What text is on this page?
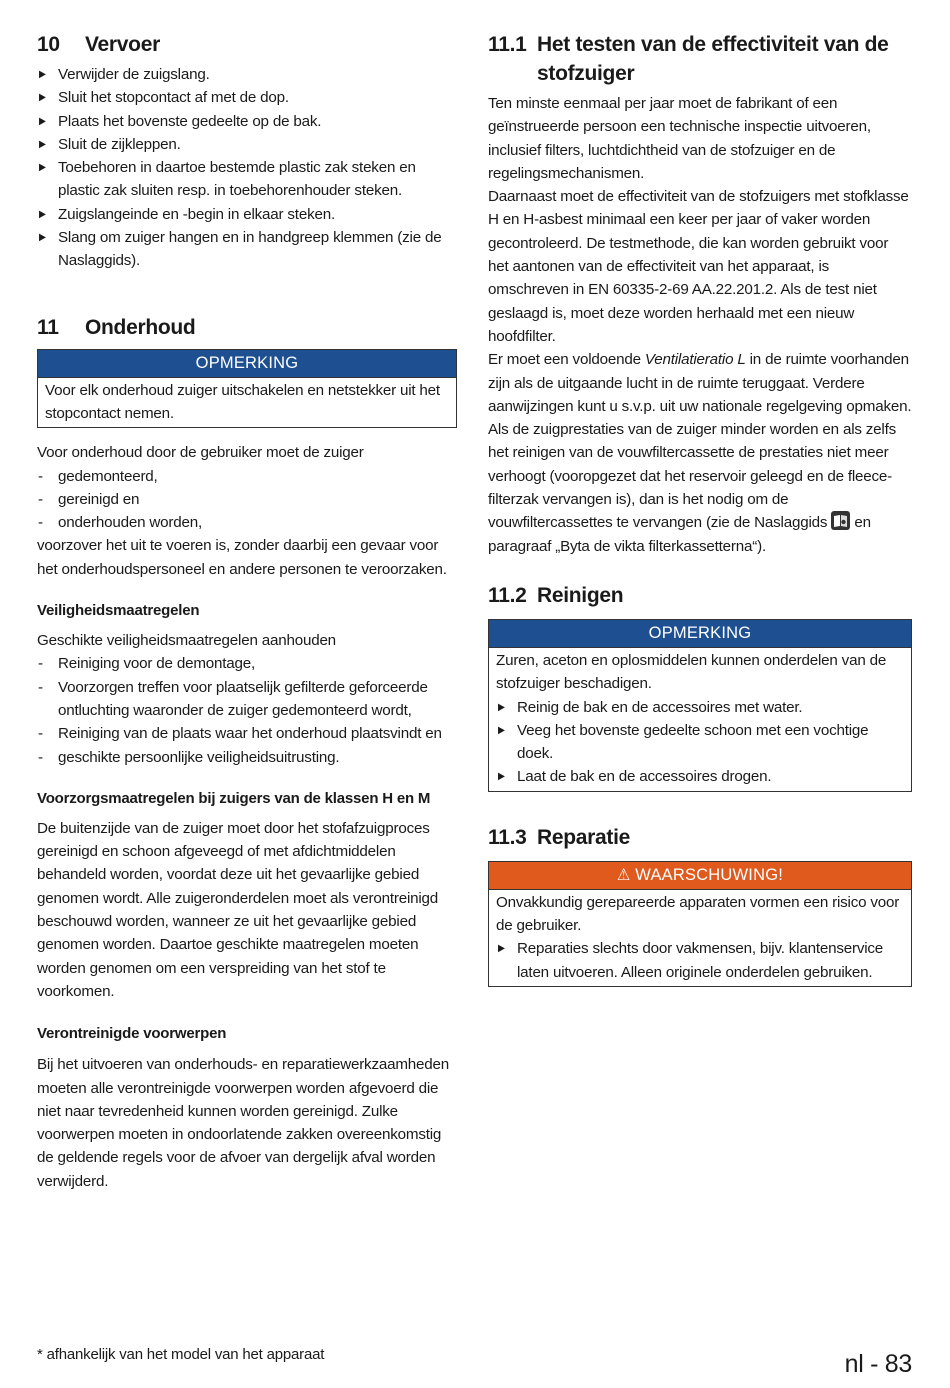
10	Vervoer
▶ Verwijder de zuigslang.
▶ Sluit het stopcontact af met de dop.
▶ Plaats het bovenste gedeelte op de bak.
▶ Sluit de zijkleppen.
▶ Toebehoren in daartoe bestemde plastic zak steken en plastic zak sluiten resp. in toebehorenhouder steken.
▶ Zuigslangeinde en -begin in elkaar steken.
▶ Slang om zuiger hangen en in handgreep klemmen (zie de Naslaggids).
11	Onderhoud
OPMERKING

Voor elk onderhoud zuiger uitschakelen en netstekker uit het stopcontact nemen.

Voor onderhoud door de gebruiker moet de zuiger

- gedemonteerd,
- gereinigd en
- onderhouden worden,

voorzover het uit te voeren is, zonder daarbij een gevaar voor het onderhoudspersoneel en andere personen te veroorzaken.

Veiligheidsmaatregelen

Geschikte veiligheidsmaatregelen aanhouden

- Reiniging voor de demontage,
- Voorzorgen treffen voor plaatselijk gefilterde geforceerde ontluchting waaronder de zuiger gedemonteerd wordt,
- Reiniging van de plaats waar het onderhoud plaatsvindt en
- geschikte persoonlijke veiligheidsuitrusting.
Voorzorgsmaatregelen bij zuigers van de klassen H en M

De buitenzijde van de zuiger moet door het stofafzuigproces gereinigd en schoon afgeveegd of met afdichtmiddelen behandeld worden, voordat deze uit het gevaarlijke gebied genomen wordt. Alle zuigeronderdelen moet als verontreinigd beschouwd worden, wanneer ze uit het gevaarlijke gebied genomen worden. Daartoe geschikte maatregelen moeten worden genomen om een verspreiding van het stof te voorkomen.

Verontreinigde voorwerpen

Bij het uitvoeren van onderhouds- en reparatiewerkzaamheden moeten alle verontreinigde voorwerpen worden afgevoerd die niet naar tevredenheid kunnen worden gereinigd. Zulke voorwerpen moeten in ondoorlatende zakken overeenkomstig de geldende regels voor de afvoer van dergelijk afval worden verwijderd.

11.1 Het testen van de effectiviteit van de stofzuiger

Ten minste eenmaal per jaar moet de fabrikant of een geïnstrueerde persoon een technische inspectie uitvoeren, inclusief filters, luchtdichtheid van de stofzuiger en de regelingsmechanismen.

Daarnaast moet de effectiviteit van de stofzuigers met stofklasse H en H-asbest minimaal een keer per jaar of vaker worden gecontroleerd. De testmethode, die kan worden gebruikt voor het aantonen van de effectiviteit van het apparaat, is omschreven in EN 60335-2-69 AA.22.201.2. Als de test niet geslaagd is, moet deze worden herhaald met een nieuw hoofdfilter.

Er moet een voldoende Ventilatieratio L in de ruimte voorhanden zijn als de uitgaande lucht in de ruimte teruggaat. Verdere aanwijzingen kunt u s.v.p. uit uw nationale regelgeving opmaken.

Als de zuigprestaties van de zuiger minder worden en als zelfs het reinigen van de vouwfiltercassette de prestaties niet meer verhoogt (vooropgezet dat het reservoir geleegd en de fleece-filterzak vervangen is), dan is het nodig om de vouwfiltercassettes te vervangen (zie de Naslaggids
en paragraaf „Byta de vikta filterkassetterna“).

11.2 Reinigen
OPMERKING

Zuren, aceton en oplosmiddelen kunnen onderdelen van de stofzuiger beschadigen.

▶ Reinig de bak en de accessoires met water.
▶ Veeg het bovenste gedeelte schoon met een vochtige doek.
▶ Laat de bak en de accessoires drogen.
11.3 Reparatie
⚠ WAARSCHUWING!

Onvakkundig gerepareerde apparaten vormen een risico voor de gebruiker.

▶ Reparaties slechts door vakmensen, bijv. klantenservice laten uitvoeren. Alleen originele onderdelen gebruiken.
* afhankelijk van het model van het apparaat	nl - 83
